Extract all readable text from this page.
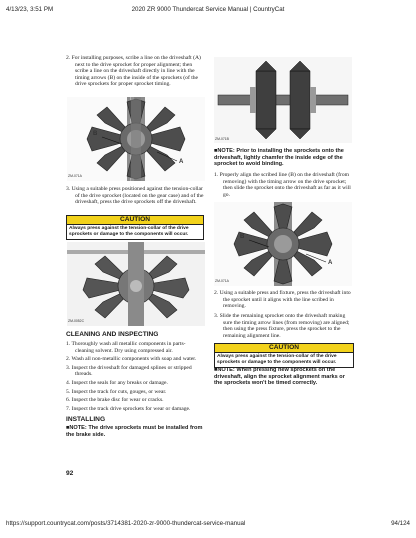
4/13/23, 3:51 PM	2020 ZR 9000 Thundercat Service Manual | CountryCat

2. For installing purposes, scribe a line on the driveshaft (A) next to the drive sprocket for proper alignment; then scribe a line on the driveshaft directly in line with the timing arrows (B) on the inside of the sprockets (of the drive sprockets for proper sprocket timing.

B
A
ZM-071A

3. Using a suitable press positioned against the tension-collar of the drive sprocket (located on the gear case) and of the driveshaft, press the drive sprockets off the driveshaft.

CAUTION
Always press against the tension-collar of the drive sprockets or damage to the components will occur.
ZM-0052C

CLEANING AND INSPECTING

1. Thoroughly wash all metallic components in parts-cleaning solvent. Dry using compressed air.

2. Wash all non-metallic components with soap and water.

3. Inspect the driveshaft for damaged splines or stripped threads.

4. Inspect the seals for any breaks or damage.

5. Inspect the track for cuts, gouges, or wear.

6. Inspect the brake disc for wear or cracks.

7. Inspect the track drive sprockets for wear or damage.

INSTALLING

■NOTE: The drive sprockets must be installed from the brake side.

92
ZM-071B

■NOTE: Prior to installing the sprockets onto the driveshaft, lightly chamfer the inside edge of the sprocket to avoid binding.

1. Properly align the scribed line (B) on the driveshaft (from removing) with the timing arrow on the drive sprocket; then slide the sprocket onto the driveshaft as far as it will go.

B
A
ZM-071A

2. Using a suitable press and fixture, press the driveshaft into the sprocket until it aligns with the line scribed in removing.

3. Slide the remaining sprocket onto the driveshaft making sure the timing arrow lines (from removing) are aligned; then using the press fixture, press the sprocket to the remaining alignment line.

CAUTION
Always press against the tension-collar of the drive sprockets or damage to the components will occur.

■NOTE: When pressing new sprockets on the driveshaft, align the sprocket alignment marks or the sprockets won't be timed correctly.

https://support.countrycat.com/posts/3714381-2020-zr-9000-thundercat-service-manual	94/124
